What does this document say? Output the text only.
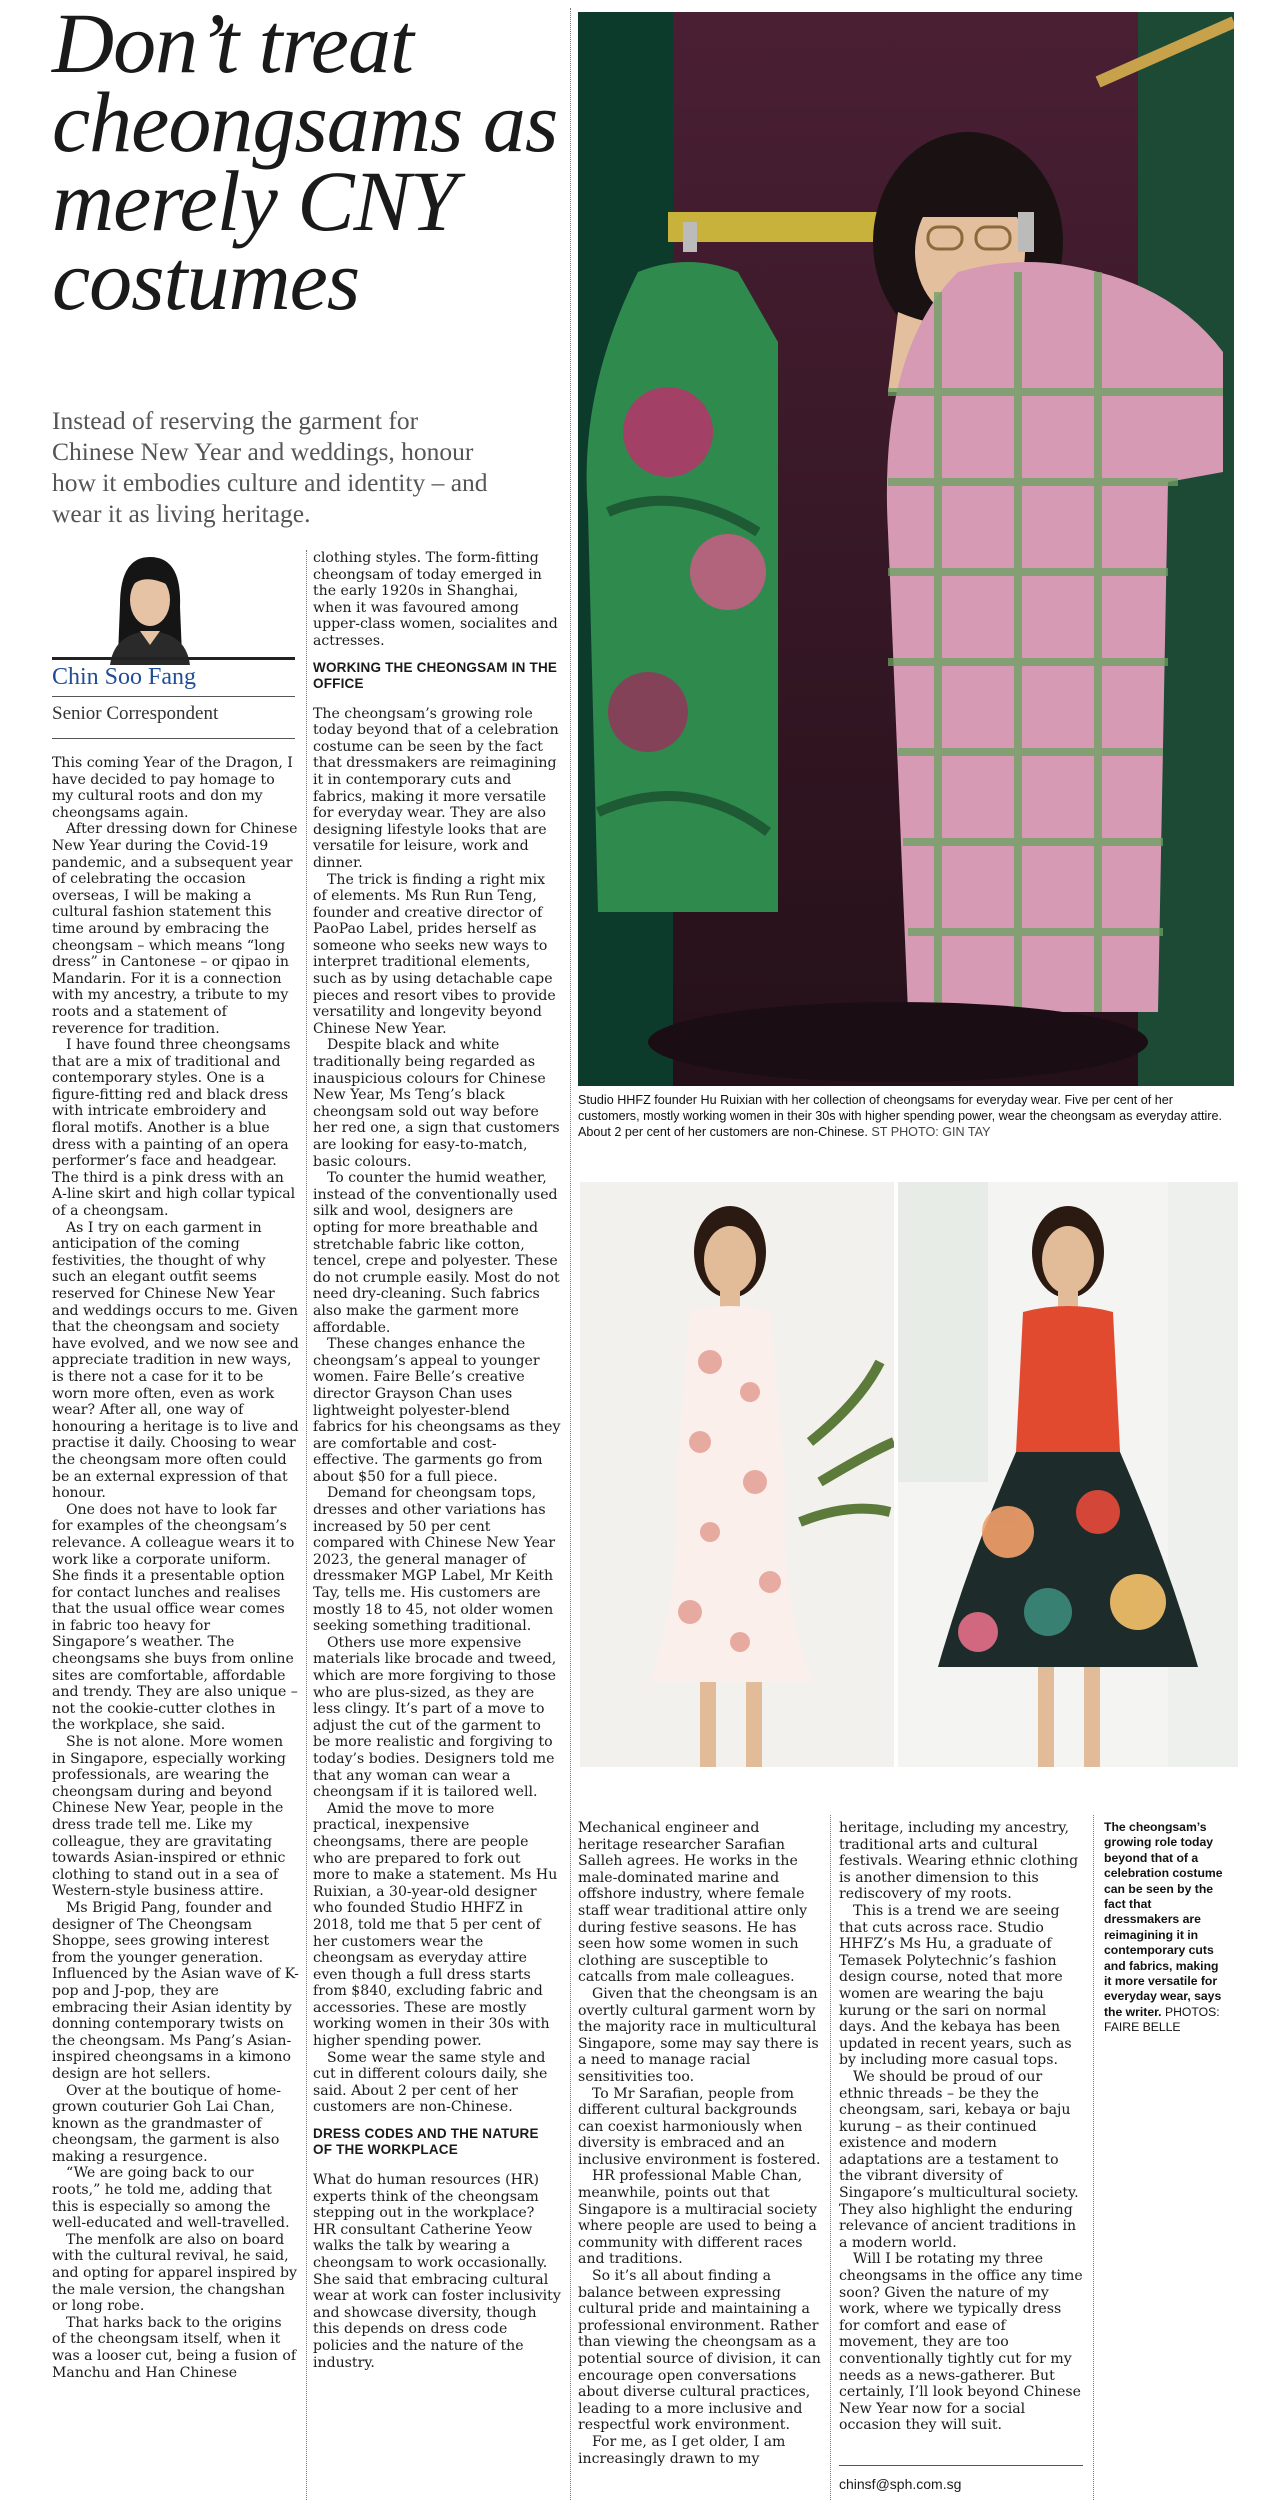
Don’t treat cheongsams as merely CNY costumes

Instead of reserving the garment for Chinese New Year and weddings, honour how it embodies culture and identity – and wear it as living heritage.

Chin Soo Fang
Senior Correspondent

This coming Year of the Dragon, I have decided to pay homage to my cultural roots and don my cheongsams again.

After dressing down for Chinese New Year during the Covid-19 pandemic, and a subsequent year of celebrating the occasion overseas, I will be making a cultural fashion statement this time around by embracing the cheongsam – which means “long dress” in Cantonese – or qipao in Mandarin. For it is a connection with my ancestry, a tribute to my roots and a statement of reverence for tradition.

I have found three cheongsams that are a mix of traditional and contemporary styles. One is a figure-fitting red and black dress with intricate embroidery and floral motifs. Another is a blue dress with a painting of an opera performer’s face and headgear. The third is a pink dress with an A-line skirt and high collar typical of a cheongsam.

As I try on each garment in anticipation of the coming festivities, the thought of why such an elegant outfit seems reserved for Chinese New Year and weddings occurs to me. Given that the cheongsam and society have evolved, and we now see and appreciate tradition in new ways, is there not a case for it to be worn more often, even as work wear? After all, one way of honouring a heritage is to live and practise it daily. Choosing to wear the cheongsam more often could be an external expression of that honour.

One does not have to look far for examples of the cheongsam’s relevance. A colleague wears it to work like a corporate uniform. She finds it a presentable option for contact lunches and realises that the usual office wear comes in fabric too heavy for Singapore’s weather. The cheongsams she buys from online sites are comfortable, affordable and trendy. They are also unique – not the cookie-cutter clothes in the workplace, she said.

She is not alone. More women in Singapore, especially working professionals, are wearing the cheongsam during and beyond Chinese New Year, people in the dress trade tell me. Like my colleague, they are gravitating towards Asian-inspired or ethnic clothing to stand out in a sea of Western-style business attire.

Ms Brigid Pang, founder and designer of The Cheongsam Shoppe, sees growing interest from the younger generation. Influenced by the Asian wave of K-pop and J-pop, they are embracing their Asian identity by donning contemporary twists on the cheongsam. Ms Pang’s Asian-inspired cheongsams in a kimono design are hot sellers.

Over at the boutique of home-grown couturier Goh Lai Chan, known as the grandmaster of cheongsam, the garment is also making a resurgence.

“We are going back to our roots,” he told me, adding that this is especially so among the well-educated and well-travelled.

The menfolk are also on board with the cultural revival, he said, and opting for apparel inspired by the male version, the changshan or long robe.

That harks back to the origins of the cheongsam itself, when it was a looser cut, being a fusion of Manchu and Han Chinese

clothing styles. The form-fitting cheongsam of today emerged in the early 1920s in Shanghai, when it was favoured among upper-class women, socialites and actresses.

WORKING THE CHEONGSAM IN THE OFFICE

The cheongsam’s growing role today beyond that of a celebration costume can be seen by the fact that dressmakers are reimagining it in contemporary cuts and fabrics, making it more versatile for everyday wear. They are also designing lifestyle looks that are versatile for leisure, work and dinner.

The trick is finding a right mix of elements. Ms Run Run Teng, founder and creative director of PaoPao Label, prides herself as someone who seeks new ways to interpret traditional elements, such as by using detachable cape pieces and resort vibes to provide versatility and longevity beyond Chinese New Year.

Despite black and white traditionally being regarded as inauspicious colours for Chinese New Year, Ms Teng’s black cheongsam sold out way before her red one, a sign that customers are looking for easy-to-match, basic colours.

To counter the humid weather, instead of the conventionally used silk and wool, designers are opting for more breathable and stretchable fabric like cotton, tencel, crepe and polyester. These do not crumple easily. Most do not need dry-cleaning. Such fabrics also make the garment more affordable.

These changes enhance the cheongsam’s appeal to younger women. Faire Belle’s creative director Grayson Chan uses lightweight polyester-blend fabrics for his cheongsams as they are comfortable and cost-effective. The garments go from about $50 for a full piece.

Demand for cheongsam tops, dresses and other variations has increased by 50 per cent compared with Chinese New Year 2023, the general manager of dressmaker MGP Label, Mr Keith Tay, tells me. His customers are mostly 18 to 45, not older women seeking something traditional.

Others use more expensive materials like brocade and tweed, which are more forgiving to those who are plus-sized, as they are less clingy. It’s part of a move to adjust the cut of the garment to be more realistic and forgiving to today’s bodies. Designers told me that any woman can wear a cheongsam if it is tailored well.

Amid the move to more practical, inexpensive cheongsams, there are people who are prepared to fork out more to make a statement. Ms Hu Ruixian, a 30-year-old designer who founded Studio HHFZ in 2018, told me that 5 per cent of her customers wear the cheongsam as everyday attire even though a full dress starts from $840, excluding fabric and accessories. These are mostly working women in their 30s with higher spending power.

Some wear the same style and cut in different colours daily, she said. About 2 per cent of her customers are non-Chinese.

DRESS CODES AND THE NATURE OF THE WORKPLACE

What do human resources (HR) experts think of the cheongsam stepping out in the workplace? HR consultant Catherine Yeow walks the talk by wearing a cheongsam to work occasionally. She said that embracing cultural wear at work can foster inclusivity and showcase diversity, though this depends on dress code policies and the nature of the industry.

Studio HHFZ founder Hu Ruixian with her collection of cheongsams for everyday wear. Five per cent of her customers, mostly working women in their 30s with higher spending power, wear the cheongsam as everyday attire. About 2 per cent of her customers are non-Chinese. ST PHOTO: GIN TAY

Mechanical engineer and heritage researcher Sarafian Salleh agrees. He works in the male-dominated marine and offshore industry, where female staff wear traditional attire only during festive seasons. He has seen how some women in such clothing are susceptible to catcalls from male colleagues.

Given that the cheongsam is an overtly cultural garment worn by the majority race in multicultural Singapore, some may say there is a need to manage racial sensitivities too.

To Mr Sarafian, people from different cultural backgrounds can coexist harmoniously when diversity is embraced and an inclusive environment is fostered.

HR professional Mable Chan, meanwhile, points out that Singapore is a multiracial society where people are used to being a community with different races and traditions.

So it’s all about finding a balance between expressing cultural pride and maintaining a professional environment. Rather than viewing the cheongsam as a potential source of division, it can encourage open conversations about diverse cultural practices, leading to a more inclusive and respectful work environment.

For me, as I get older, I am increasingly drawn to my

heritage, including my ancestry, traditional arts and cultural festivals. Wearing ethnic clothing is another dimension to this rediscovery of my roots.

This is a trend we are seeing that cuts across race. Studio HHFZ’s Ms Hu, a graduate of Temasek Polytechnic’s fashion design course, noted that more women are wearing the baju kurung or the sari on normal days. And the kebaya has been updated in recent years, such as by including more casual tops.

We should be proud of our ethnic threads – be they the cheongsam, sari, kebaya or baju kurung – as their continued existence and modern adaptations are a testament to the vibrant diversity of Singapore’s multicultural society. They also highlight the enduring relevance of ancient traditions in a modern world.

Will I be rotating my three cheongsams in the office any time soon? Given the nature of my work, where we typically dress for comfort and ease of movement, they are too conventionally tightly cut for my needs as a news-gatherer. But certainly, I’ll look beyond Chinese New Year now for a social occasion they will suit.

chinsf@sph.com.sg
The cheongsam’s growing role today beyond that of a celebration costume can be seen by the fact that dressmakers are reimagining it in contemporary cuts and fabrics, making it more versatile for everyday wear, says the writer. PHOTOS: FAIRE BELLE
